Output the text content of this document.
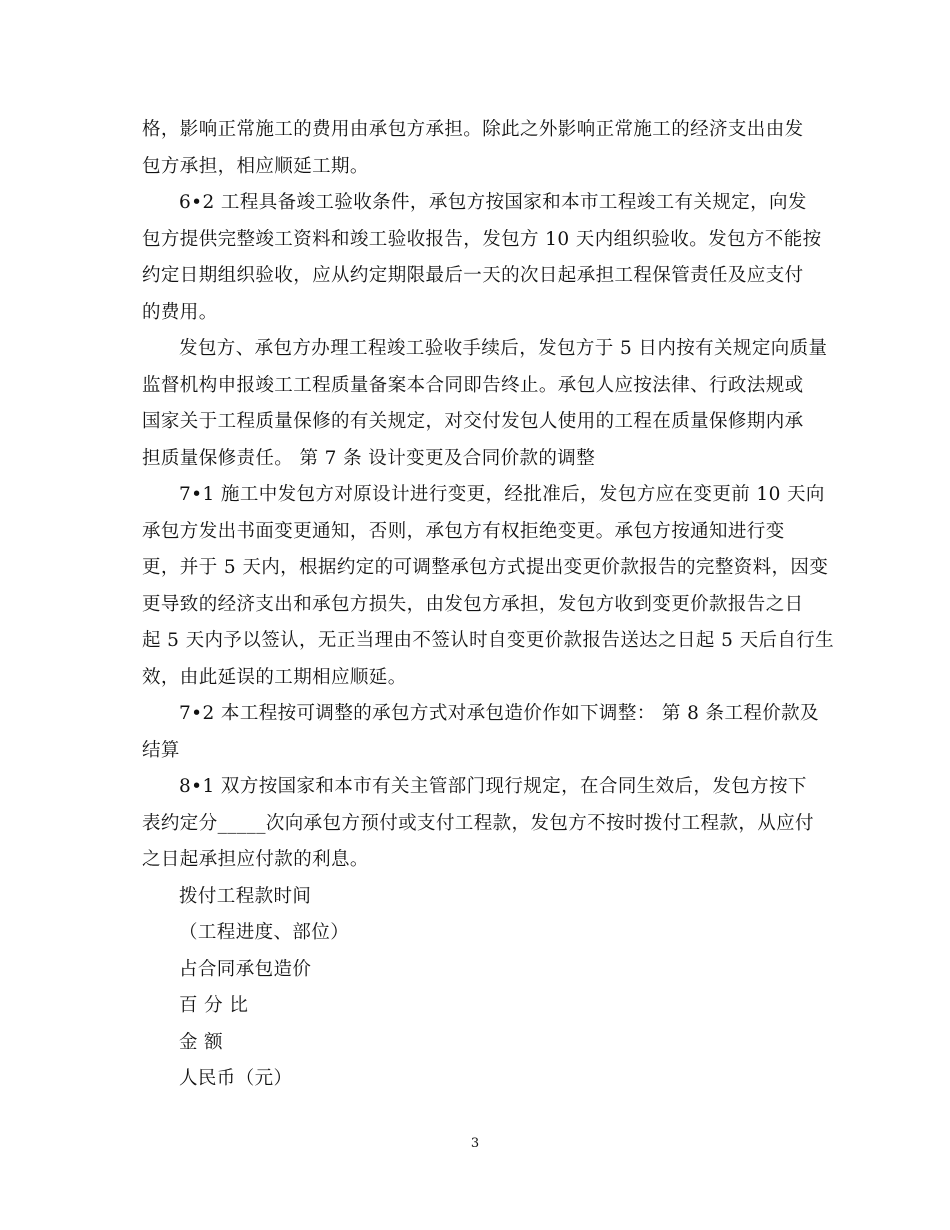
格，影响正常施工的费用由承包方承担。除此之外影响正常施工的经济支出由发
包方承担，相应顺延工期。
6•2 工程具备竣工验收条件，承包方按国家和本市工程竣工有关规定，向发
包方提供完整竣工资料和竣工验收报告，发包方 10 天内组织验收。发包方不能按
约定日期组织验收，应从约定期限最后一天的次日起承担工程保管责任及应支付
的费用。
发包方、承包方办理工程竣工验收手续后，发包方于 5 日内按有关规定向质量
监督机构申报竣工工程质量备案本合同即告终止。承包人应按法律、行政法规或
国家关于工程质量保修的有关规定，对交付发包人使用的工程在质量保修期内承
担质量保修责任。 第 7 条 设计变更及合同价款的调整
7•1 施工中发包方对原设计进行变更，经批准后，发包方应在变更前 10 天向
承包方发出书面变更通知，否则，承包方有权拒绝变更。承包方按通知进行变
更，并于 5 天内，根据约定的可调整承包方式提出变更价款报告的完整资料，因变
更导致的经济支出和承包方损失，由发包方承担，发包方收到变更价款报告之日
起 5 天内予以签认，无正当理由不签认时自变更价款报告送达之日起 5 天后自行生
效，由此延误的工期相应顺延。
7•2 本工程按可调整的承包方式对承包造价作如下调整： 第 8 条工程价款及
结算
8•1 双方按国家和本市有关主管部门现行规定，在合同生效后，发包方按下
表约定分_____次向承包方预付或支付工程款，发包方不按时拨付工程款，从应付
之日起承担应付款的利息。
拨付工程款时间
（工程进度、部位）
占合同承包造价
百 分 比
金 额
人民币（元）
3
